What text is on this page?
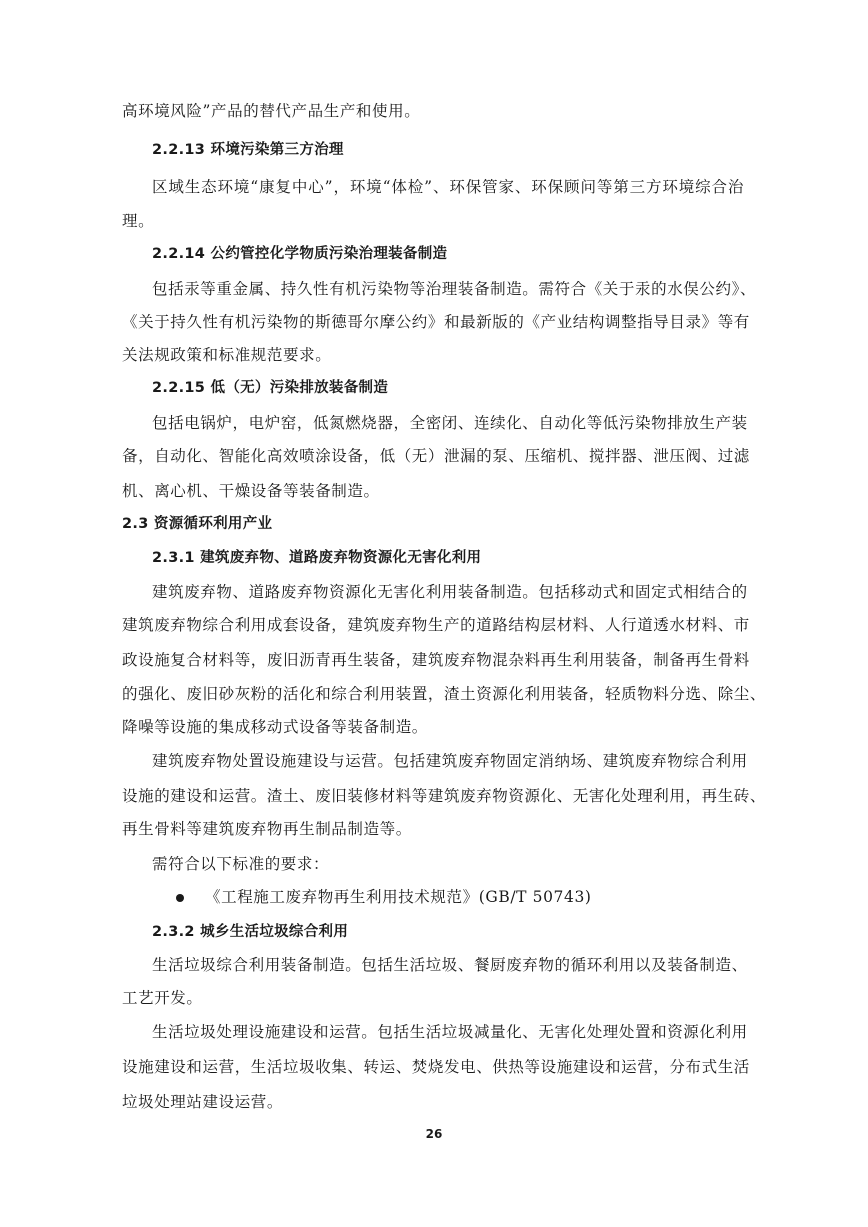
高环境风险”产品的替代产品生产和使用。
2.2.13 环境污染第三方治理
区域生态环境“康复中心”，环境“体检”、环保管家、环保顾问等第三方环境综合治
理。
2.2.14 公约管控化学物质污染治理装备制造
包括汞等重金属、持久性有机污染物等治理装备制造。需符合《关于汞的水俣公约》、
《关于持久性有机污染物的斯德哥尔摩公约》和最新版的《产业结构调整指导目录》等有
关法规政策和标准规范要求。
2.2.15 低（无）污染排放装备制造
包括电锅炉，电炉窑，低氮燃烧器，全密闭、连续化、自动化等低污染物排放生产装
备，自动化、智能化高效喷涂设备，低（无）泄漏的泵、压缩机、搅拌器、泄压阀、过滤
机、离心机、干燥设备等装备制造。
2.3 资源循环利用产业
2.3.1 建筑废弃物、道路废弃物资源化无害化利用
建筑废弃物、道路废弃物资源化无害化利用装备制造。包括移动式和固定式相结合的
建筑废弃物综合利用成套设备，建筑废弃物生产的道路结构层材料、人行道透水材料、市
政设施复合材料等，废旧沥青再生装备，建筑废弃物混杂料再生利用装备，制备再生骨料
的强化、废旧砂灰粉的活化和综合利用装置，渣土资源化利用装备，轻质物料分选、除尘、
降噪等设施的集成移动式设备等装备制造。
建筑废弃物处置设施建设与运营。包括建筑废弃物固定消纳场、建筑废弃物综合利用
设施的建设和运营。渣土、废旧装修材料等建筑废弃物资源化、无害化处理利用，再生砖、
再生骨料等建筑废弃物再生制品制造等。
需符合以下标准的要求：
《工程施工废弃物再生利用技术规范》(GB/T 50743)
2.3.2 城乡生活垃圾综合利用
生活垃圾综合利用装备制造。包括生活垃圾、餐厨废弃物的循环利用以及装备制造、
工艺开发。
生活垃圾处理设施建设和运营。包括生活垃圾减量化、无害化处理处置和资源化利用
设施建设和运营，生活垃圾收集、转运、焚烧发电、供热等设施建设和运营，分布式生活
垃圾处理站建设运营。
26
